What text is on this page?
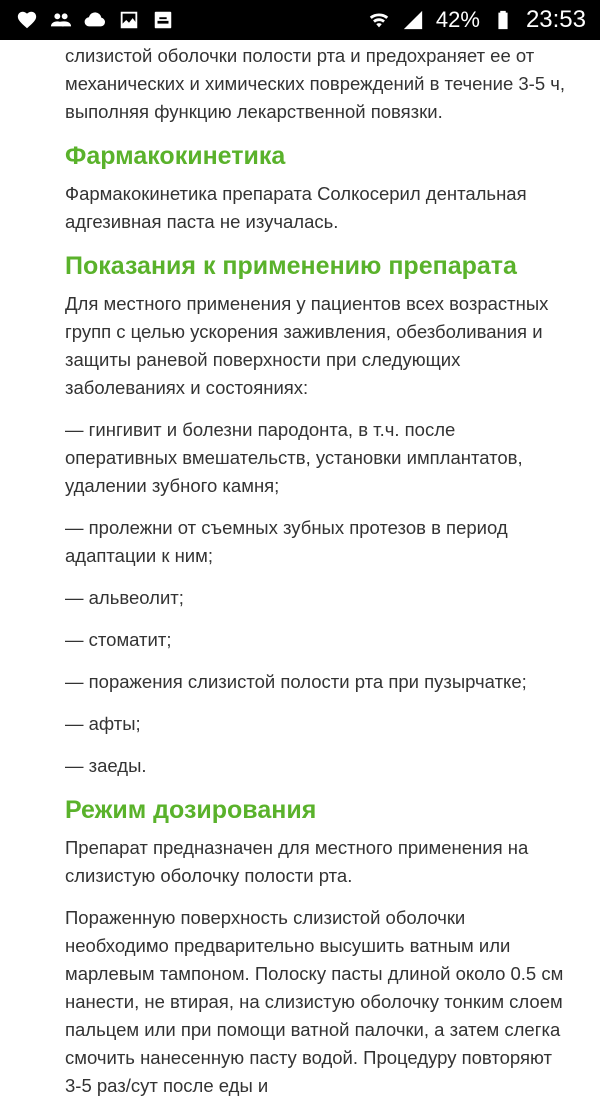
42% 23:53

слизистой оболочки полости рта и предохраняет ее от механических и химических повреждений в течение 3-5 ч, выполняя функцию лекарственной повязки.

Фармакокинетика

Фармакокинетика препарата Солкосерил дентальная адгезивная паста не изучалась.

Показания к применению препарата

Для местного применения у пациентов всех возрастных групп с целью ускорения заживления, обезболивания и защиты раневой поверхности при следующих заболеваниях и состояниях:

— гингивит и болезни пародонта, в т.ч. после оперативных вмешательств, установки имплантатов, удалении зубного камня;

— пролежни от съемных зубных протезов в период адаптации к ним;

— альвеолит;

— стоматит;

— поражения слизистой полости рта при пузырчатке;

— афты;

— заеды.

Режим дозирования

Препарат предназначен для местного применения на слизистую оболочку полости рта.

Пораженную поверхность слизистой оболочки необходимо предварительно высушить ватным или марлевым тампоном. Полоску пасты длиной около 0.5 см нанести, не втирая, на слизистую оболочку тонким слоем пальцем или при помощи ватной палочки, а затем слегка смочить нанесенную пасту водой. Процедуру повторяют 3-5 раз/сут после еды и
